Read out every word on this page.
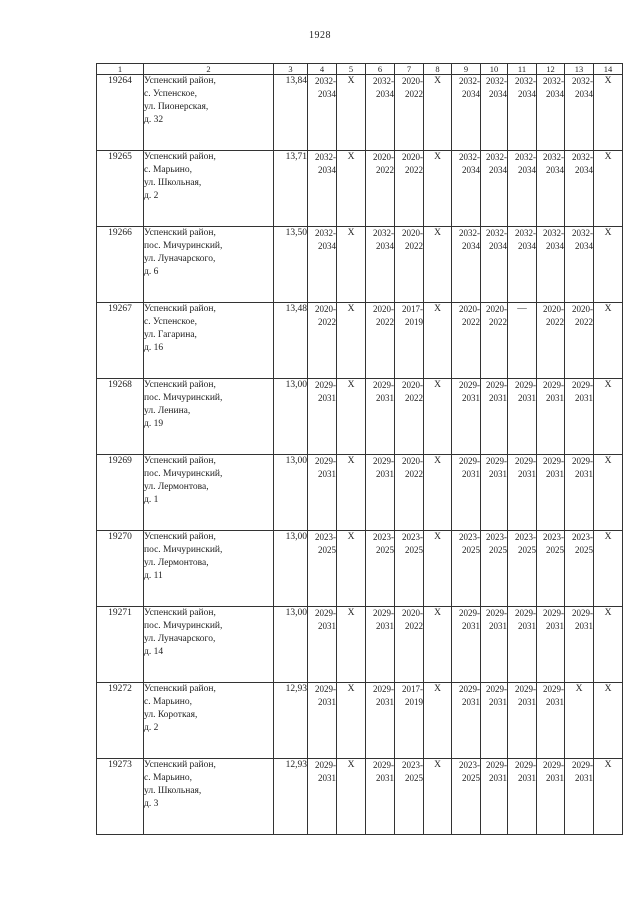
1928
1	2	3	4	5	6	7	8	9	10	11	12	13	14
19264	Успенский район,
с. Успенское,
ул. Пионерская,
д. 32	13,84	2032-2034	X	2032-2034	2020-2022	X	2032-2034	2032-2034	2032-2034	2032-2034	2032-2034	X
19265	Успенский район,
с. Марьино,
ул. Школьная,
д. 2	13,71	2032-2034	X	2020-2022	2020-2022	X	2032-2034	2032-2034	2032-2034	2032-2034	2032-2034	X
19266	Успенский район,
пос. Мичуринский,
ул. Луначарского,
д. 6	13,50	2032-2034	X	2032-2034	2020-2022	X	2032-2034	2032-2034	2032-2034	2032-2034	2032-2034	X
19267	Успенский район,
с. Успенское,
ул. Гагарина,
д. 16	13,48	2020-2022	X	2020-2022	2017-2019	X	2020-2022	2020-2022	—	2020-2022	2020-2022	X
19268	Успенский район,
пос. Мичуринский,
ул. Ленина,
д. 19	13,00	2029-2031	X	2029-2031	2020-2022	X	2029-2031	2029-2031	2029-2031	2029-2031	2029-2031	X
19269	Успенский район,
пос. Мичуринский,
ул. Лермонтова,
д. 1	13,00	2029-2031	X	2029-2031	2020-2022	X	2029-2031	2029-2031	2029-2031	2029-2031	2029-2031	X
19270	Успенский район,
пос. Мичуринский,
ул. Лермонтова,
д. 11	13,00	2023-2025	X	2023-2025	2023-2025	X	2023-2025	2023-2025	2023-2025	2023-2025	2023-2025	X
19271	Успенский район,
пос. Мичуринский,
ул. Луначарского,
д. 14	13,00	2029-2031	X	2029-2031	2020-2022	X	2029-2031	2029-2031	2029-2031	2029-2031	2029-2031	X
19272	Успенский район,
с. Марьино,
ул. Короткая,
д. 2	12,93	2029-2031	X	2029-2031	2017-2019	X	2029-2031	2029-2031	2029-2031	2029-2031	X	X
19273	Успенский район,
с. Марьино,
ул. Школьная,
д. 3	12,93	2029-2031	X	2029-2031	2023-2025	X	2023-2025	2029-2031	2029-2031	2029-2031	2029-2031	X
